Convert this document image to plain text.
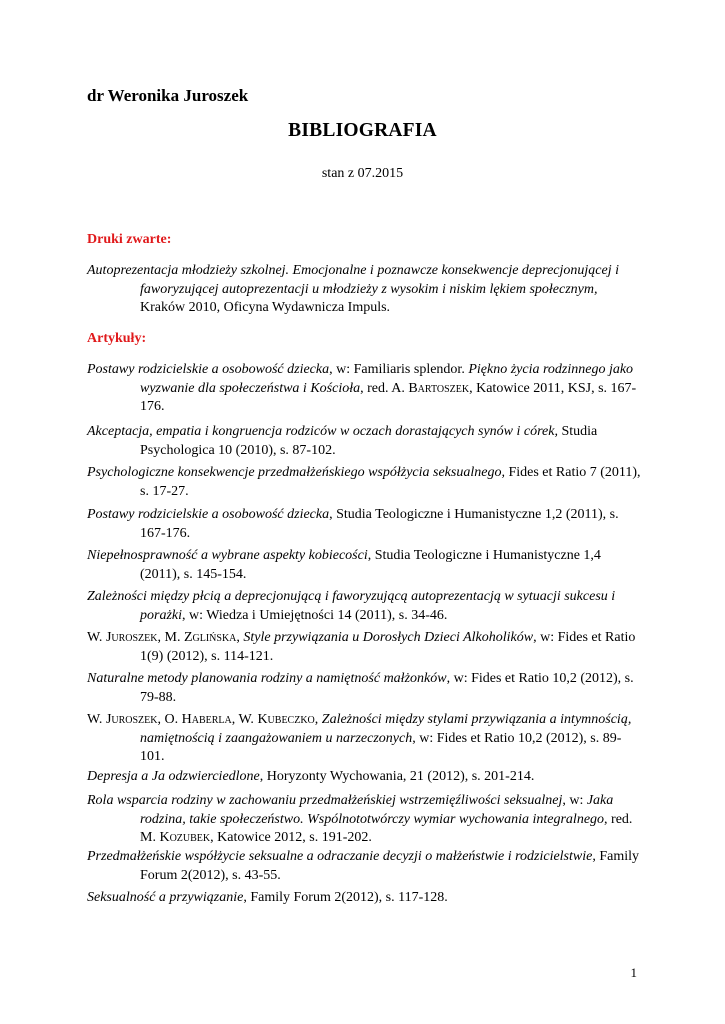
dr Weronika Juroszek
BIBLIOGRAFIA
stan z 07.2015
Druki zwarte:
Autoprezentacja młodzieży szkolnej. Emocjonalne i poznawcze konsekwencje deprecjonującej i faworyzującej autoprezentacji u młodzieży z wysokim i niskim lękiem społecznym, Kraków 2010, Oficyna Wydawnicza Impuls.
Artykuły:
Postawy rodzicielskie a osobowość dziecka, w: Familiaris splendor. Piękno życia rodzinnego jako wyzwanie dla społeczeństwa i Kościoła, red. A. Bartoszek, Katowice 2011, KSJ, s. 167-176.
Akceptacja, empatia i kongruencja rodziców w oczach dorastających synów i córek, Studia Psychologica 10 (2010), s. 87-102.
Psychologiczne konsekwencje przedmałżeńskiego współżycia seksualnego, Fides et Ratio 7 (2011), s. 17-27.
Postawy rodzicielskie a osobowość dziecka, Studia Teologiczne i Humanistyczne 1,2 (2011), s. 167-176.
Niepełnosprawność a wybrane aspekty kobiecości, Studia Teologiczne i Humanistyczne 1,4 (2011), s. 145-154.
Zależności między płcią a deprecjonującą i faworyzującą autoprezentacją w sytuacji sukcesu i porażki, w: Wiedza i Umiejętności 14 (2011), s. 34-46.
W. Juroszek, M. Zglińska, Style przywiązania u Dorosłych Dzieci Alkoholików, w: Fides et Ratio 1(9) (2012), s. 114-121.
Naturalne metody planowania rodziny a namiętność małżonków, w: Fides et Ratio 10,2 (2012), s. 79-88.
W. Juroszek, O. Haberla, W. Kubeczko, Zależności między stylami przywiązania a intymnością, namiętnością i zaangażowaniem u narzeczonych, w: Fides et Ratio 10,2 (2012), s. 89-101.
Depresja a Ja odzwierciedlone, Horyzonty Wychowania, 21 (2012), s. 201-214.
Rola wsparcia rodziny w zachowaniu przedmałżeńskiej wstrzemięźliwości seksualnej, w: Jaka rodzina, takie społeczeństwo. Wspólnototwórczy wymiar wychowania integralnego, red. M. Kozubek, Katowice 2012, s. 191-202.
Przedmałżeńskie współżycie seksualne a odraczanie decyzji o małżeństwie i rodzicielstwie, Family Forum 2(2012), s. 43-55.
Seksualność a przywiązanie, Family Forum 2(2012), s. 117-128.
1
